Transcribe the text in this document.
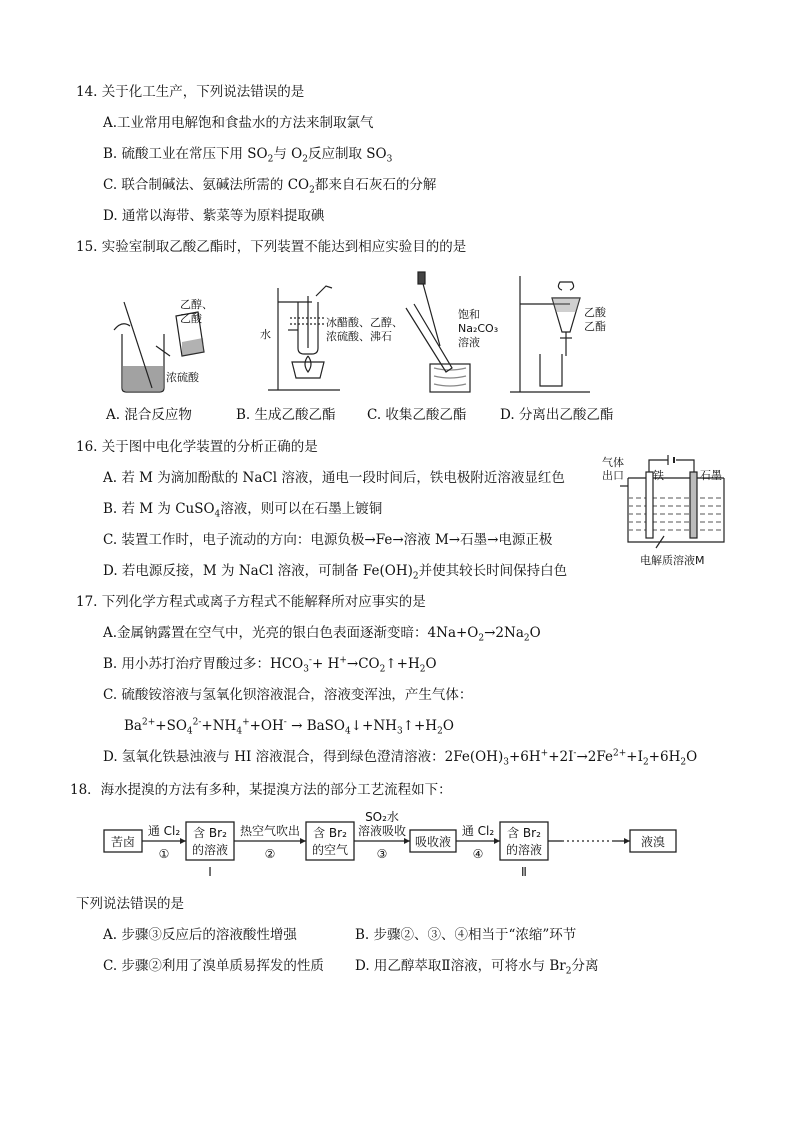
14. 关于化工生产，下列说法错误的是
A.工业常用电解饱和食盐水的方法来制取氯气
B. 硫酸工业在常压下用 $SO_2$与 $O_2$反应制取 $SO_3$
C. 联合制碱法、氨碱法所需的 $CO_2$都来自石灰石的分解
D. 通常以海带、紫菜等为原料提取碘
15. 实验室制取乙酸乙酯时，下列装置不能达到相应实验目的的是
乙醇、
乙酸
浓硫酸
冰醋酸、乙醇、
浓硫酸、沸石
水
饱和
Na₂CO₃
溶液
乙酸
乙酯
A. 混合反应物	B. 生成乙酸乙酯 C. 收集乙酸乙酯 D. 分离出乙酸乙酯
16. 关于图中电化学装置的分析正确的是
A. 若 M 为滴加酚酞的 NaCl 溶液，通电一段时间后，铁电极附近溶液显红色
B. 若 M 为 CuSO$_4$溶液，则可以在石墨上镀铜
C. 装置工作时，电子流动的方向：电源负极→Fe→溶液 M→石墨→电源正极
D. 若电源反接，M 为 NaCl 溶液，可制备 $Fe(OH)_2$并使其较长时间保持白色
气体
出口	铁	石墨
电解质溶液M
17. 下列化学方程式或离子方程式不能解释所对应事实的是
A.金属钠露置在空气中，光亮的银白色表面逐渐变暗：$4Na+O_2\to 2Na_2O$
B. 用小苏打治疗胃酸过多：$HCO_3^-+$ $H^+\to CO_2↑+H_2O$
C. 硫酸铵溶液与氢氧化钡溶液混合，溶液变浑浊，产生气体：
$Ba^{2+}+SO_4^{2-}+NH_4^++OH^-$ → $BaSO_4↓+NH_3↑+H_2O$
D. 氢氧化铁悬浊液与 HI 溶液混合，得到绿色澄清溶液：$2Fe(OH)_3+6H^++2I^-\to 2Fe^{2+}+I_2+6H_2O$
18．海水提溴的方法有多种，某提溴方法的部分工艺流程如下：
苦卤
通 Cl₂
①
含 Br₂
的溶液
Ⅰ
热空气吹出
②
含 Br₂
的空气
SO₂水
溶液吸收
③
吸收液
通 Cl₂
④
含 Br₂
的溶液
Ⅱ
液溴
下列说法错误的是
A. 步骤③反应后的溶液酸性增强	B. 步骤②、③、④相当于“浓缩”环节
C. 步骤②利用了溴单质易挥发的性质 D. 用乙醇萃取Ⅱ溶液，可将水与 $Br_2$分离
